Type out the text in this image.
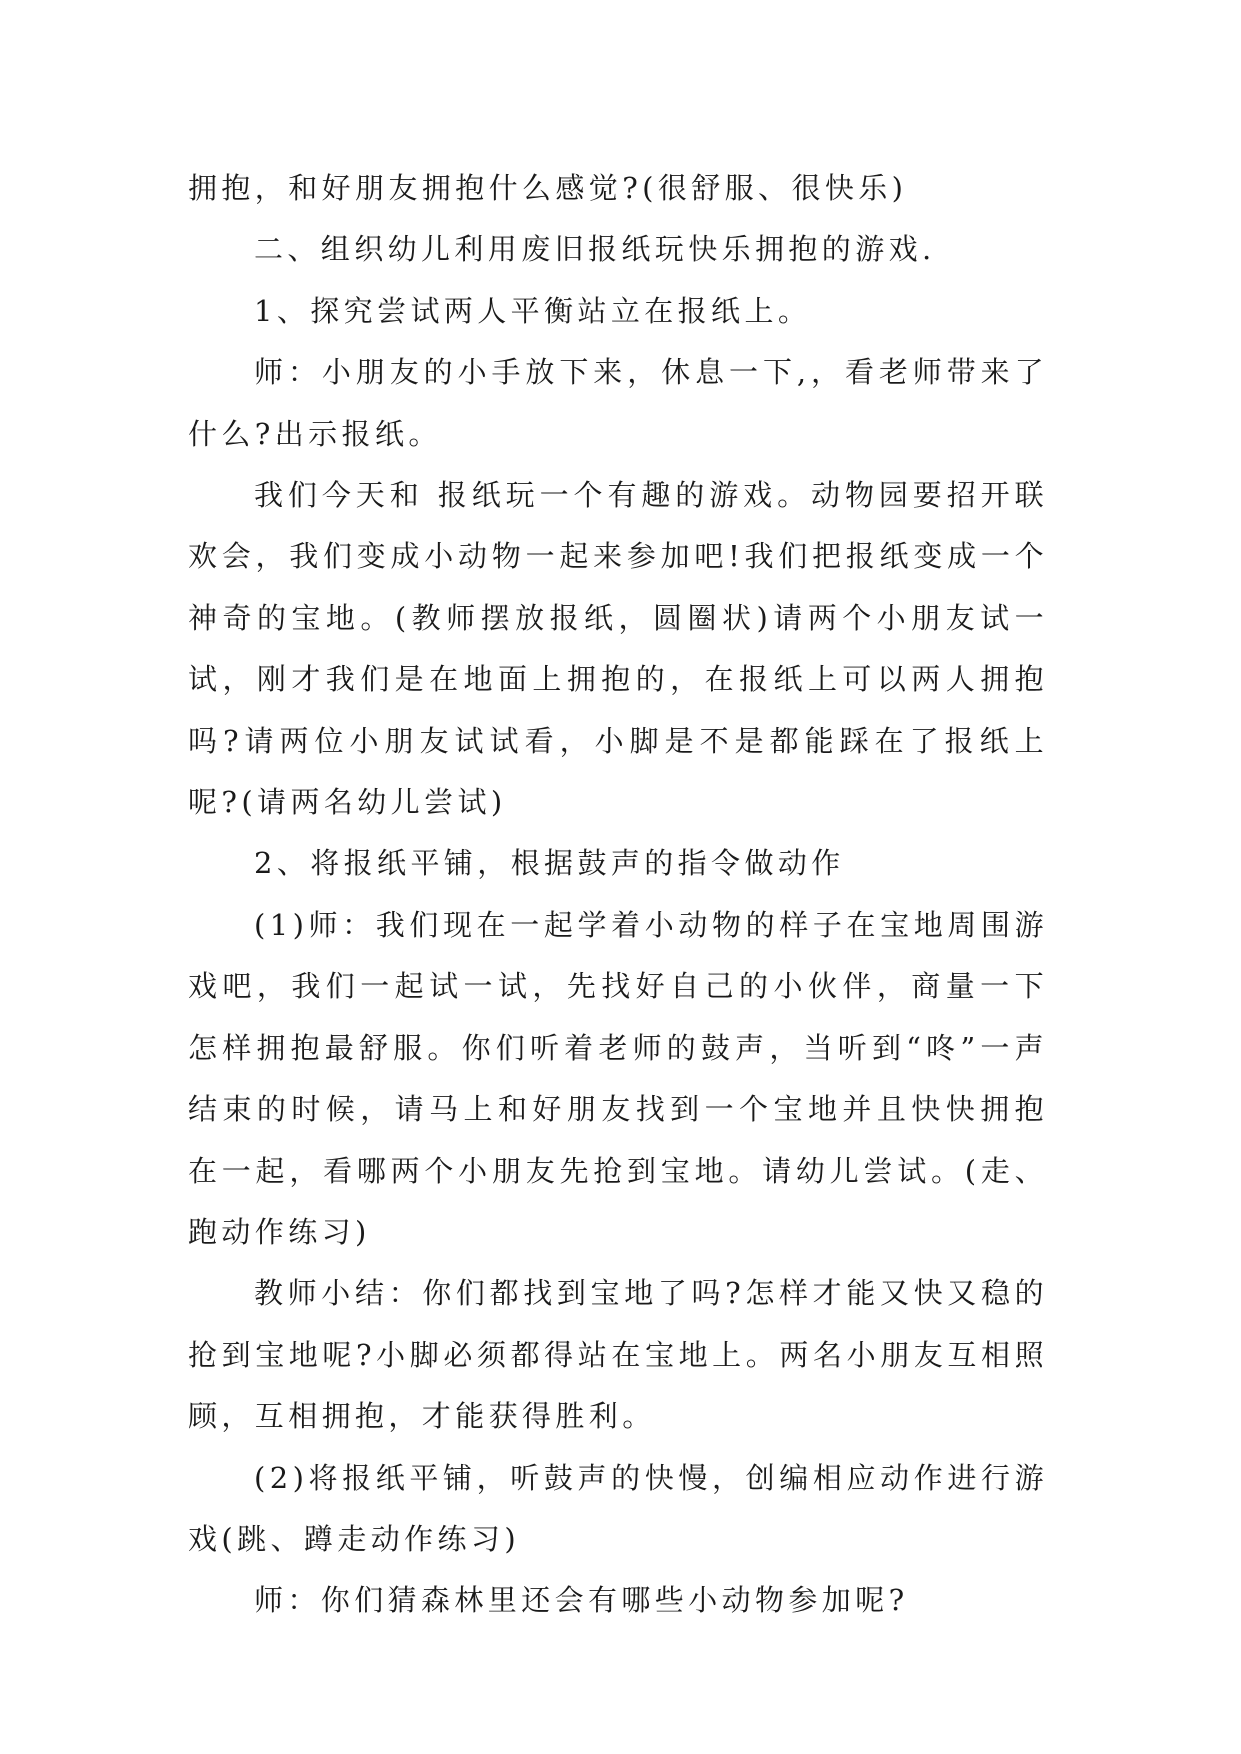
拥抱，和好朋友拥抱什么感觉?(很舒服、很快乐)

二、组织幼儿利用废旧报纸玩快乐拥抱的游戏.

1、探究尝试两人平衡站立在报纸上。

师：小朋友的小手放下来，休息一下,，看老师带来了什么?出示报纸。

我们今天和 报纸玩一个有趣的游戏。动物园要招开联欢会，我们变成小动物一起来参加吧!我们把报纸变成一个神奇的宝地。(教师摆放报纸，圆圈状)请两个小朋友试一试，刚才我们是在地面上拥抱的，在报纸上可以两人拥抱吗?请两位小朋友试试看，小脚是不是都能踩在了报纸上呢?(请两名幼儿尝试)

2、将报纸平铺，根据鼓声的指令做动作

(1)师：我们现在一起学着小动物的样子在宝地周围游戏吧，我们一起试一试，先找好自己的小伙伴，商量一下怎样拥抱最舒服。你们听着老师的鼓声，当听到“咚”一声结束的时候，请马上和好朋友找到一个宝地并且快快拥抱在一起，看哪两个小朋友先抢到宝地。请幼儿尝试。(走、跑动作练习)

教师小结：你们都找到宝地了吗?怎样才能又快又稳的抢到宝地呢?小脚必须都得站在宝地上。两名小朋友互相照顾，互相拥抱，才能获得胜利。

(2)将报纸平铺，听鼓声的快慢，创编相应动作进行游戏(跳、蹲走动作练习)

师：你们猜森林里还会有哪些小动物参加呢?
